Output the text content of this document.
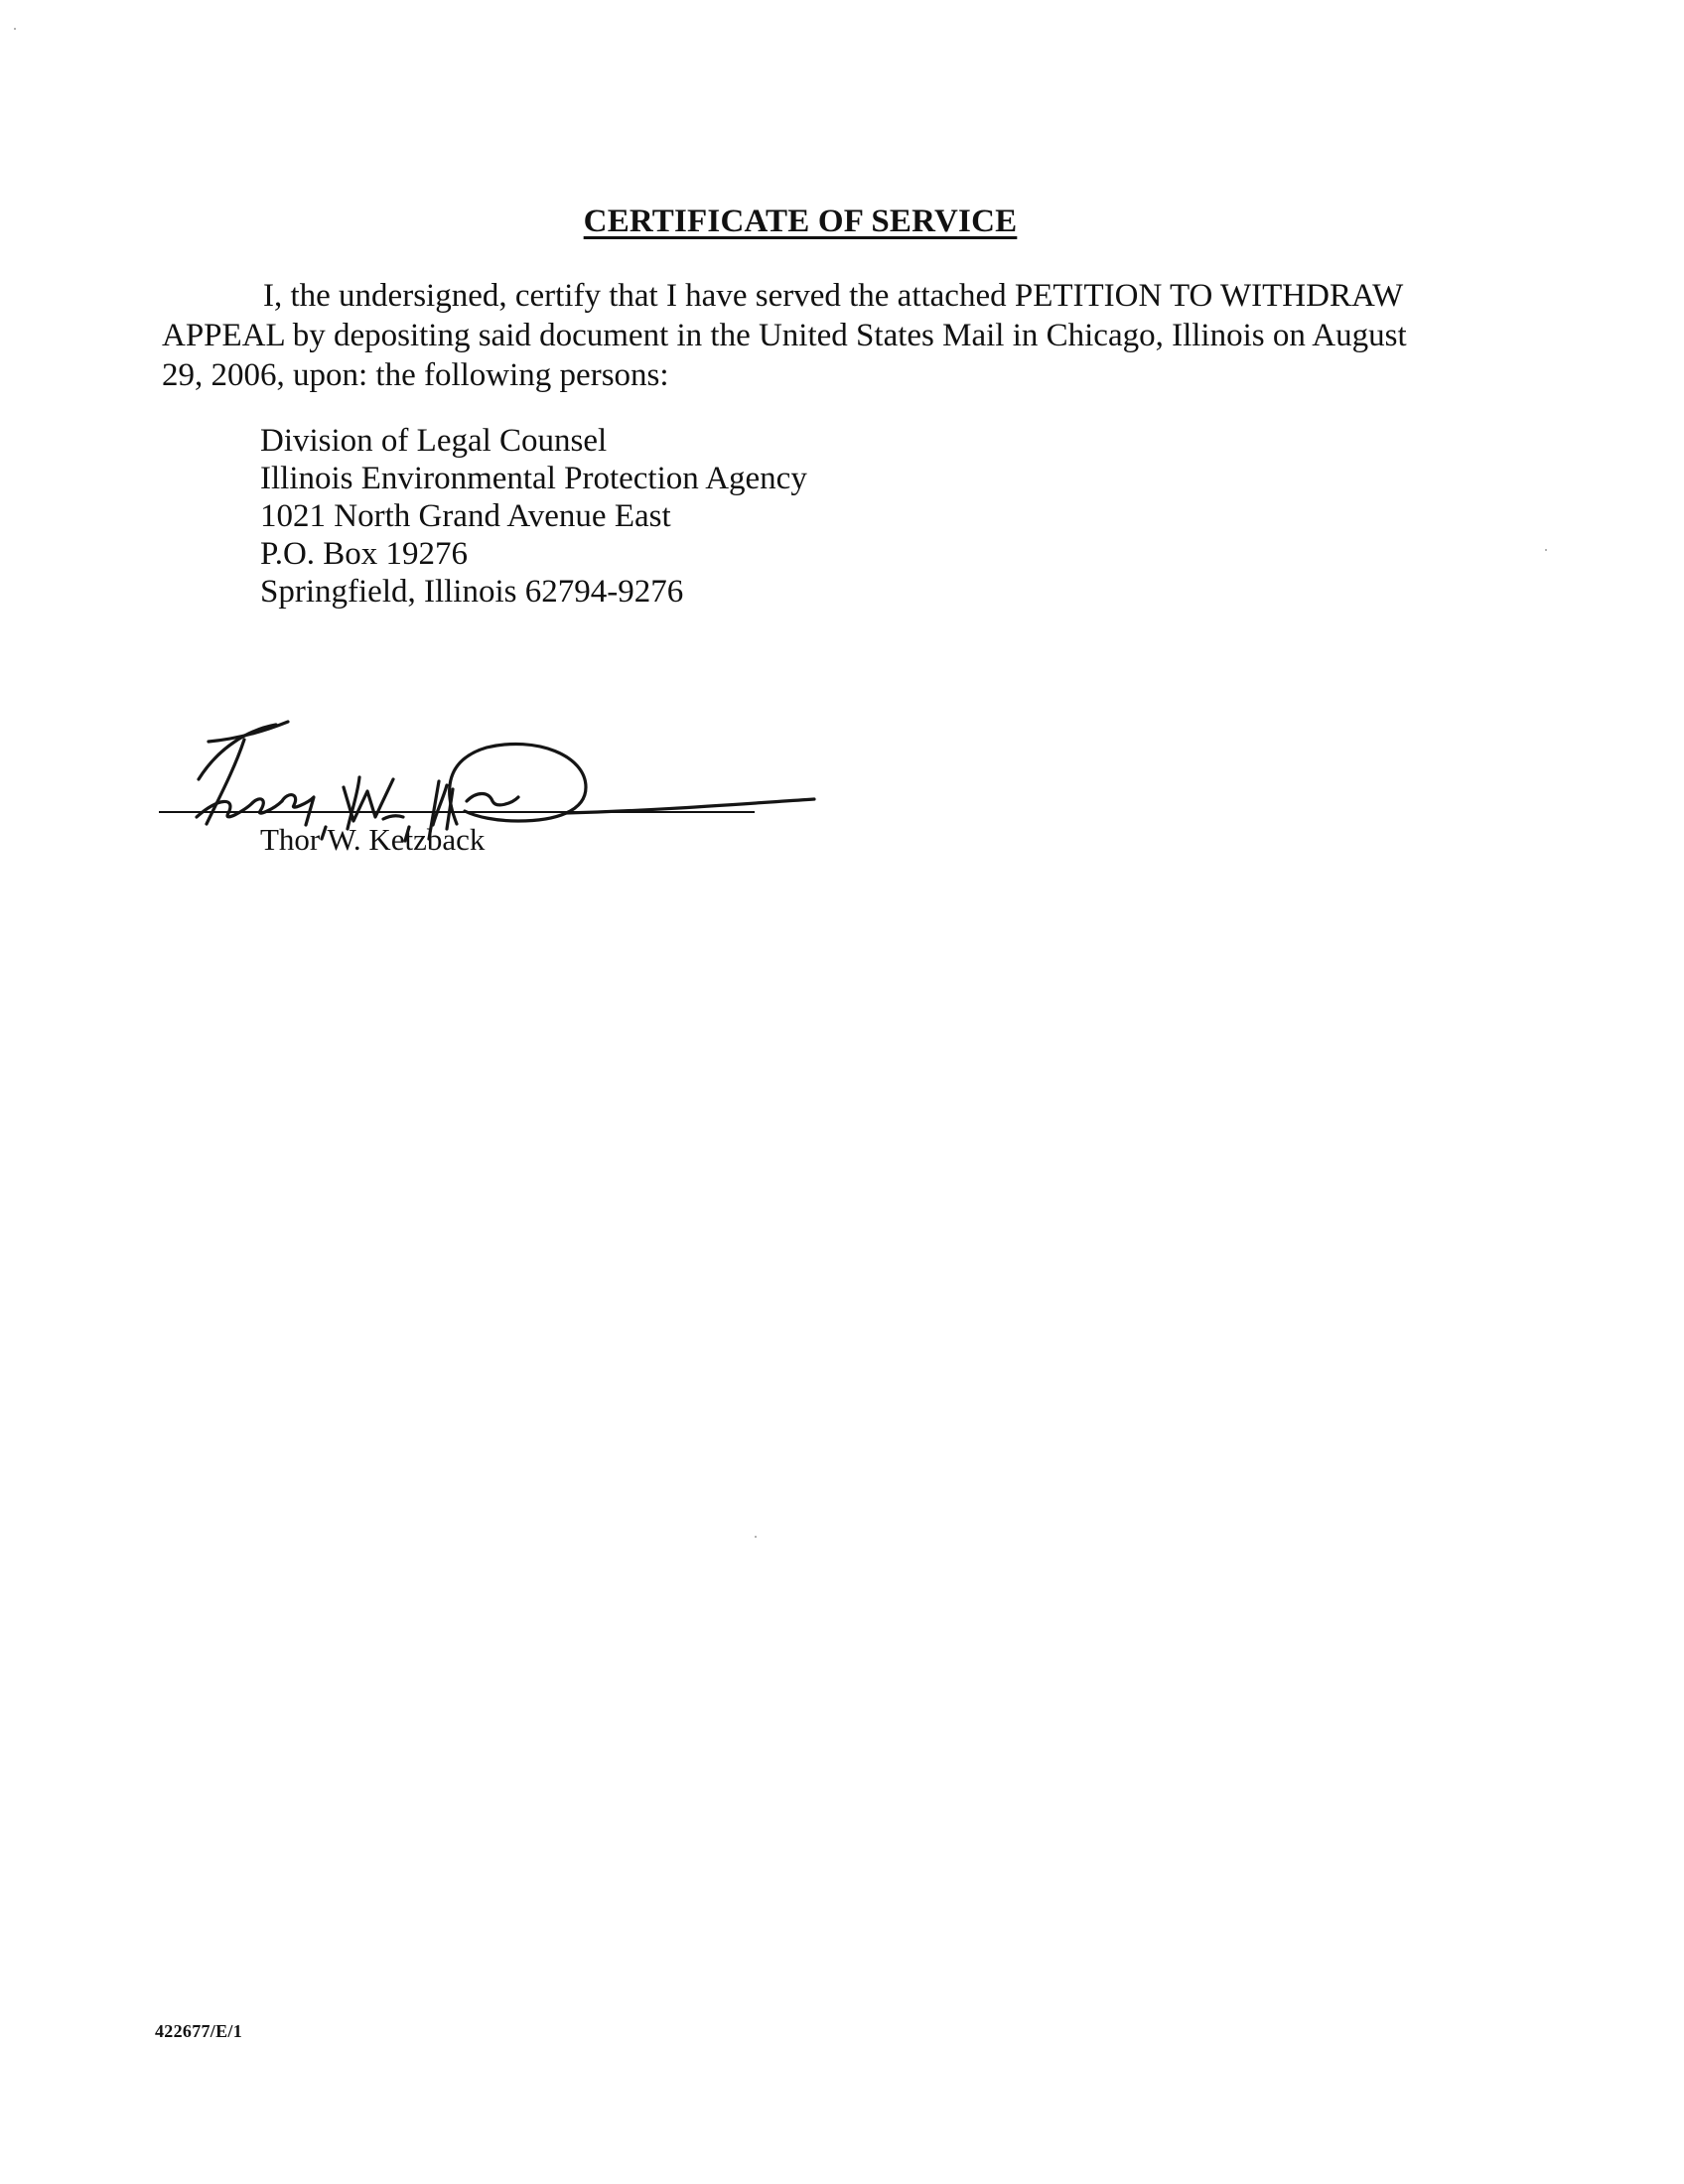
CERTIFICATE OF SERVICE
I, the undersigned, certify that I have served the attached PETITION TO WITHDRAW APPEAL by depositing said document in the United States Mail in Chicago, Illinois on August 29, 2006, upon: the following persons:
Division of Legal Counsel
Illinois Environmental Protection Agency
1021 North Grand Avenue East
P.O. Box 19276
Springfield, Illinois 62794-9276
Thor W. Ketzback
422677/E/1
